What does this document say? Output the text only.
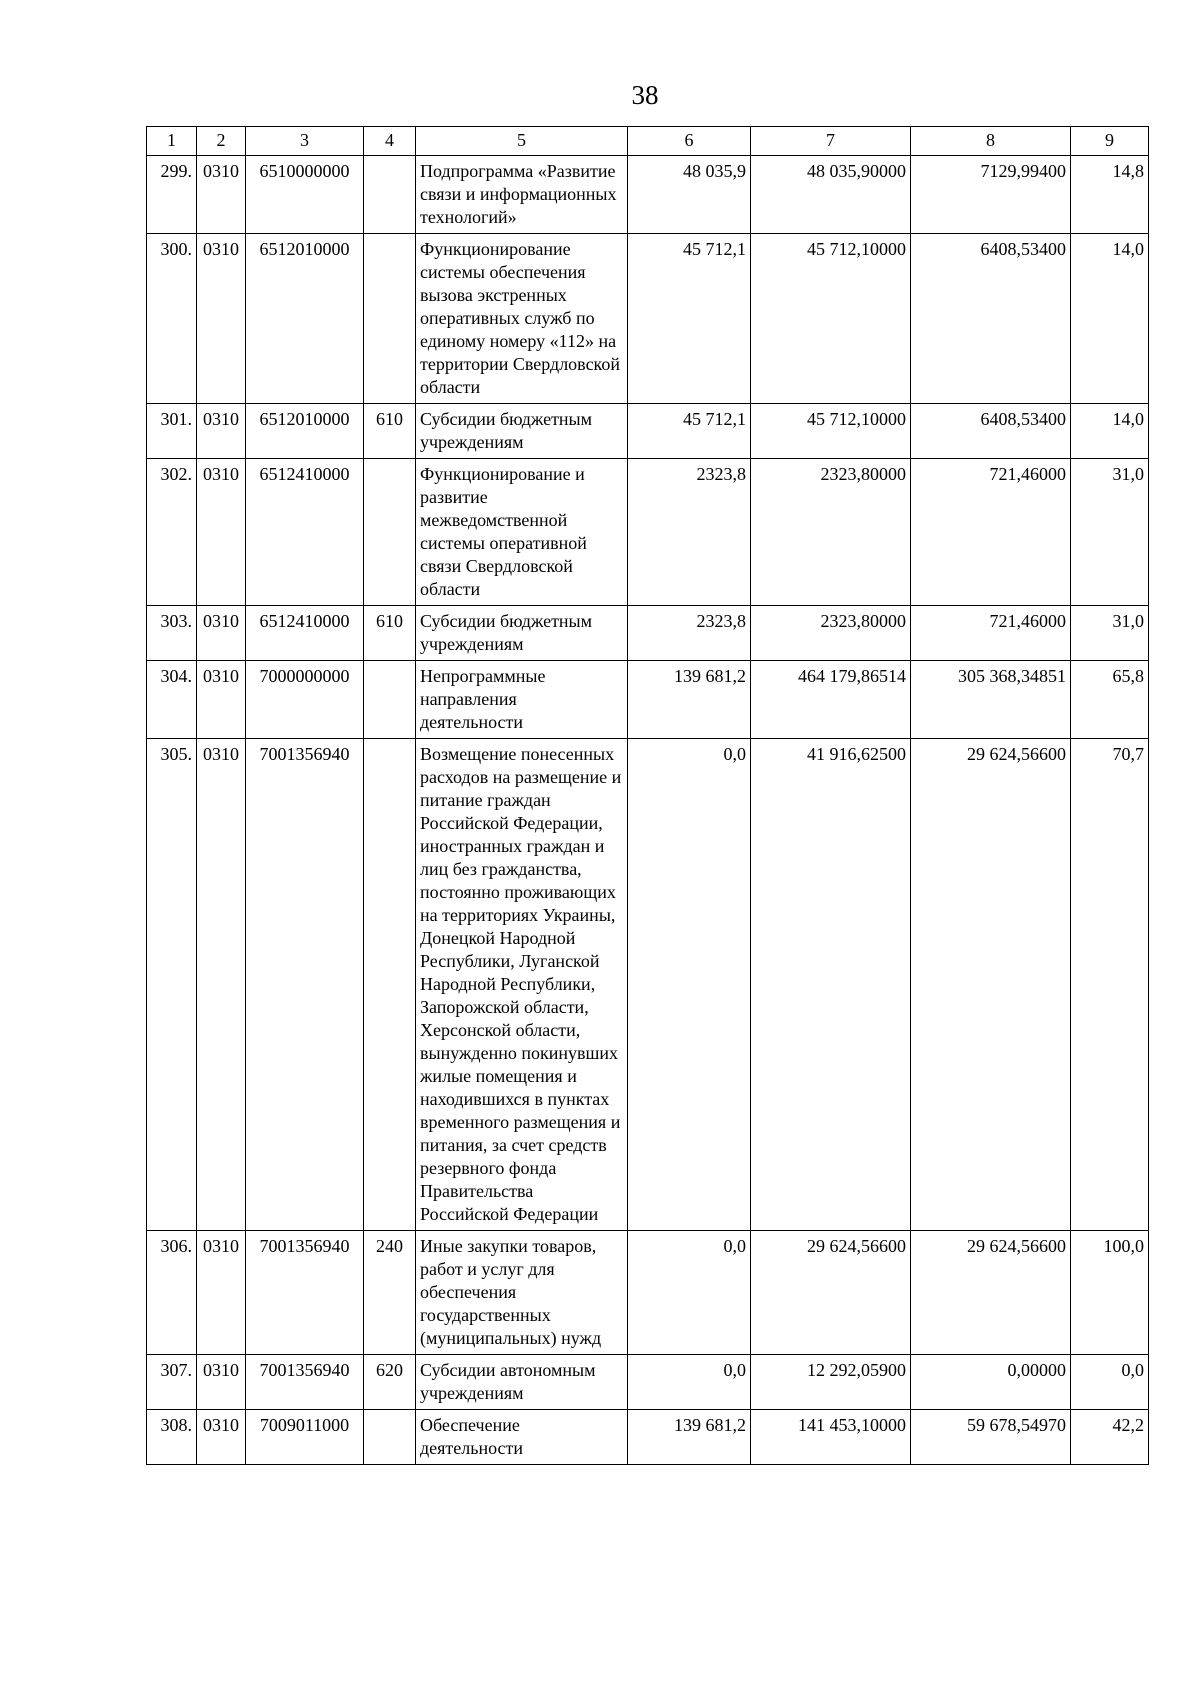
38
1	2	3	4	5	6	7	8	9
299.	0310	6510000000		Подпрограмма «Развитие связи и информационных технологий»	48 035,9	48 035,90000	7129,99400	14,8
300.	0310	6512010000		Функционирование системы обеспечения вызова экстренных оперативных служб по единому номеру «112» на территории Свердловской области	45 712,1	45 712,10000	6408,53400	14,0
301.	0310	6512010000	610	Субсидии бюджетным учреждениям	45 712,1	45 712,10000	6408,53400	14,0
302.	0310	6512410000		Функционирование и развитие межведомственной системы оперативной связи Свердловской области	2323,8	2323,80000	721,46000	31,0
303.	0310	6512410000	610	Субсидии бюджетным учреждениям	2323,8	2323,80000	721,46000	31,0
304.	0310	7000000000		Непрограммные направления деятельности	139 681,2	464 179,86514	305 368,34851	65,8
305.	0310	7001356940		Возмещение понесенных расходов на размещение и питание граждан Российской Федерации, иностранных граждан и лиц без гражданства, постоянно проживающих на территориях Украины, Донецкой Народной Республики, Луганской Народной Республики, Запорожской области, Херсонской области, вынужденно покинувших жилые помещения и находившихся в пунктах временного размещения и питания, за счет средств резервного фонда Правительства Российской Федерации	0,0	41 916,62500	29 624,56600	70,7
306.	0310	7001356940	240	Иные закупки товаров, работ и услуг для обеспечения государственных (муниципальных) нужд	0,0	29 624,56600	29 624,56600	100,0
307.	0310	7001356940	620	Субсидии автономным учреждениям	0,0	12 292,05900	0,00000	0,0
308.	0310	7009011000		Обеспечение деятельности	139 681,2	141 453,10000	59 678,54970	42,2
